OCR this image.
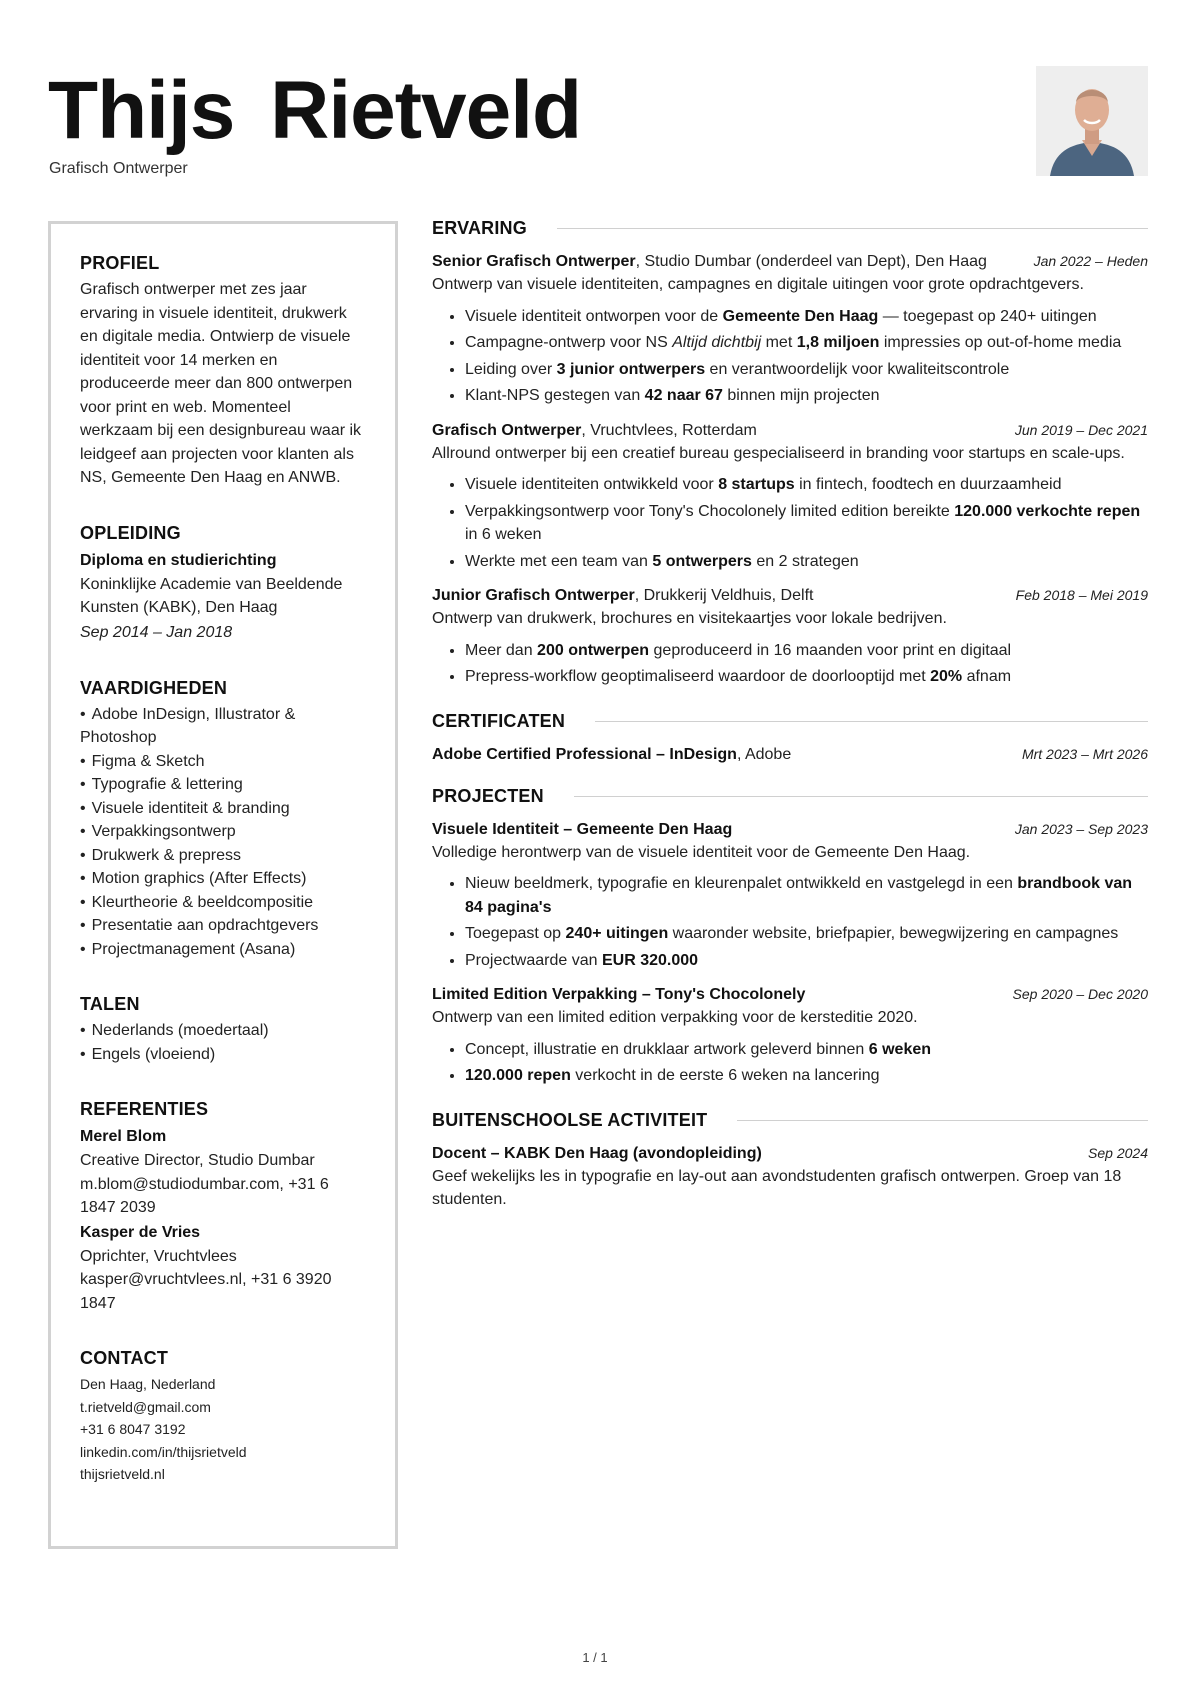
Thijs Rietveld
Grafisch Ontwerper
PROFIEL
Grafisch ontwerper met zes jaar ervaring in visuele identiteit, drukwerk en digitale media. Ontwierp de visuele identiteit voor 14 merken en produceerde meer dan 800 ontwerpen voor print en web. Momenteel werkzaam bij een designbureau waar ik leidgeef aan projecten voor klanten als NS, Gemeente Den Haag en ANWB.
OPLEIDING
Diploma en studierichting
Koninklijke Academie van Beeldende Kunsten (KABK), Den Haag
Sep 2014 – Jan 2018
VAARDIGHEDEN
• Adobe InDesign, Illustrator & Photoshop
• Figma & Sketch
• Typografie & lettering
• Visuele identiteit & branding
• Verpakkingsontwerp
• Drukwerk & prepress
• Motion graphics (After Effects)
• Kleurtheorie & beeldcompositie
• Presentatie aan opdrachtgevers
• Projectmanagement (Asana)
TALEN
• Nederlands (moedertaal)
• Engels (vloeiend)
REFERENTIES
Merel Blom
Creative Director, Studio Dumbar
m.blom@studiodumbar.com, +31 6 1847 2039
Kasper de Vries
Oprichter, Vruchtvlees
kasper@vruchtvlees.nl, +31 6 3920 1847
CONTACT
Den Haag, Nederland
t.rietveld@gmail.com
+31 6 8047 3192
linkedin.com/in/thijsrietveld
thijsrietveld.nl
ERVARING
Senior Grafisch Ontwerper, Studio Dumbar (onderdeel van Dept), Den Haag	Jan 2022 – Heden
Ontwerp van visuele identiteiten, campagnes en digitale uitingen voor grote opdrachtgevers.
• Visuele identiteit ontworpen voor de Gemeente Den Haag — toegepast op 240+ uitingen
• Campagne-ontwerp voor NS Altijd dichtbij met 1,8 miljoen impressies op out-of-home media
• Leiding over 3 junior ontwerpers en verantwoordelijk voor kwaliteitscontrole
• Klant-NPS gestegen van 42 naar 67 binnen mijn projecten
Grafisch Ontwerper, Vruchtvlees, Rotterdam	Jun 2019 – Dec 2021
Allround ontwerper bij een creatief bureau gespecialiseerd in branding voor startups en scale-ups.
• Visuele identiteiten ontwikkeld voor 8 startups in fintech, foodtech en duurzaamheid
• Verpakkingsontwerp voor Tony's Chocolonely limited edition bereikte 120.000 verkochte repen in 6 weken
• Werkte met een team van 5 ontwerpers en 2 strategen
Junior Grafisch Ontwerper, Drukkerij Veldhuis, Delft	Feb 2018 – Mei 2019
Ontwerp van drukwerk, brochures en visitekaartjes voor lokale bedrijven.
• Meer dan 200 ontwerpen geproduceerd in 16 maanden voor print en digitaal
• Prepress-workflow geoptimaliseerd waardoor de doorlooptijd met 20% afnam
CERTIFICATEN
Adobe Certified Professional – InDesign, Adobe	Mrt 2023 – Mrt 2026
PROJECTEN
Visuele Identiteit – Gemeente Den Haag	Jan 2023 – Sep 2023
Volledige herontwerp van de visuele identiteit voor de Gemeente Den Haag.
• Nieuw beeldmerk, typografie en kleurenpalet ontwikkeld en vastgelegd in een brandbook van 84 pagina's
• Toegepast op 240+ uitingen waaronder website, briefpapier, bewegwijzering en campagnes
• Projectwaarde van EUR 320.000
Limited Edition Verpakking – Tony's Chocolonely	Sep 2020 – Dec 2020
Ontwerp van een limited edition verpakking voor de kersteditie 2020.
• Concept, illustratie en drukklaar artwork geleverd binnen 6 weken
• 120.000 repen verkocht in de eerste 6 weken na lancering
BUITENSCHOOLSE ACTIVITEIT
Docent – KABK Den Haag (avondopleiding)	Sep 2024
Geef wekelijks les in typografie en lay-out aan avondstudenten grafisch ontwerpen. Groep van 18 studenten.
1 / 1
